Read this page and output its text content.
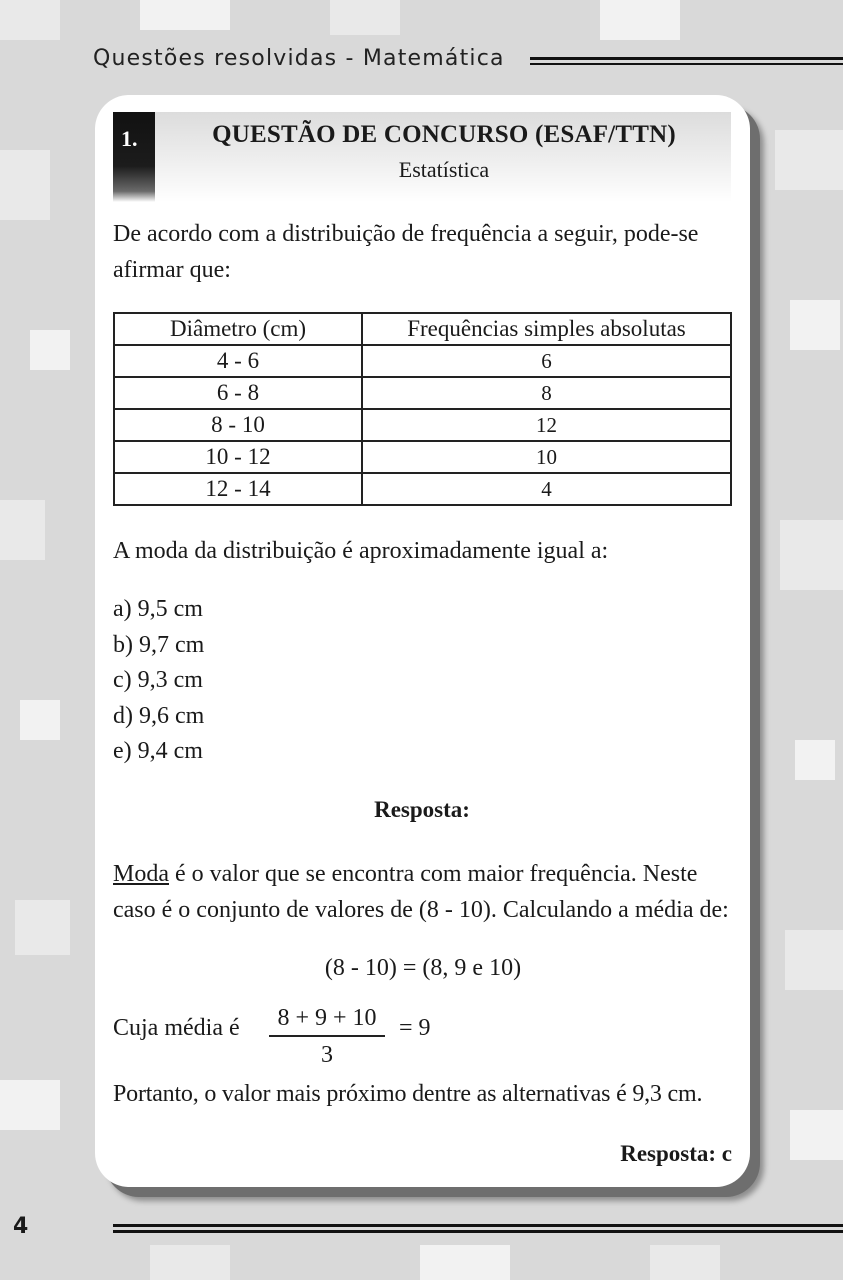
Questões resolvidas - Matemática
1.	QUESTÃO DE CONCURSO (ESAF/TTN)
Estatística
De acordo com a distribuição de frequência a seguir, pode-se afirmar que:
Diâmetro (cm)	Frequências simples absolutas
4 - 6	6
6 - 8	8
8 - 10	12
10 - 12	10
12 - 14	4
A moda da distribuição é aproximadamente igual a:
a) 9,5 cm
b) 9,7 cm
c) 9,3 cm
d) 9,6 cm
e) 9,4 cm
Resposta:
Moda é o valor que se encontra com maior frequência. Neste caso é o conjunto de valores de (8 - 10). Calculando a média de:
(8 - 10) = (8, 9 e 10)
Cuja média é	8 + 9 + 10
3
= 9
Portanto, o valor mais próximo dentre as alternativas é 9,3 cm.
Resposta: c
4
